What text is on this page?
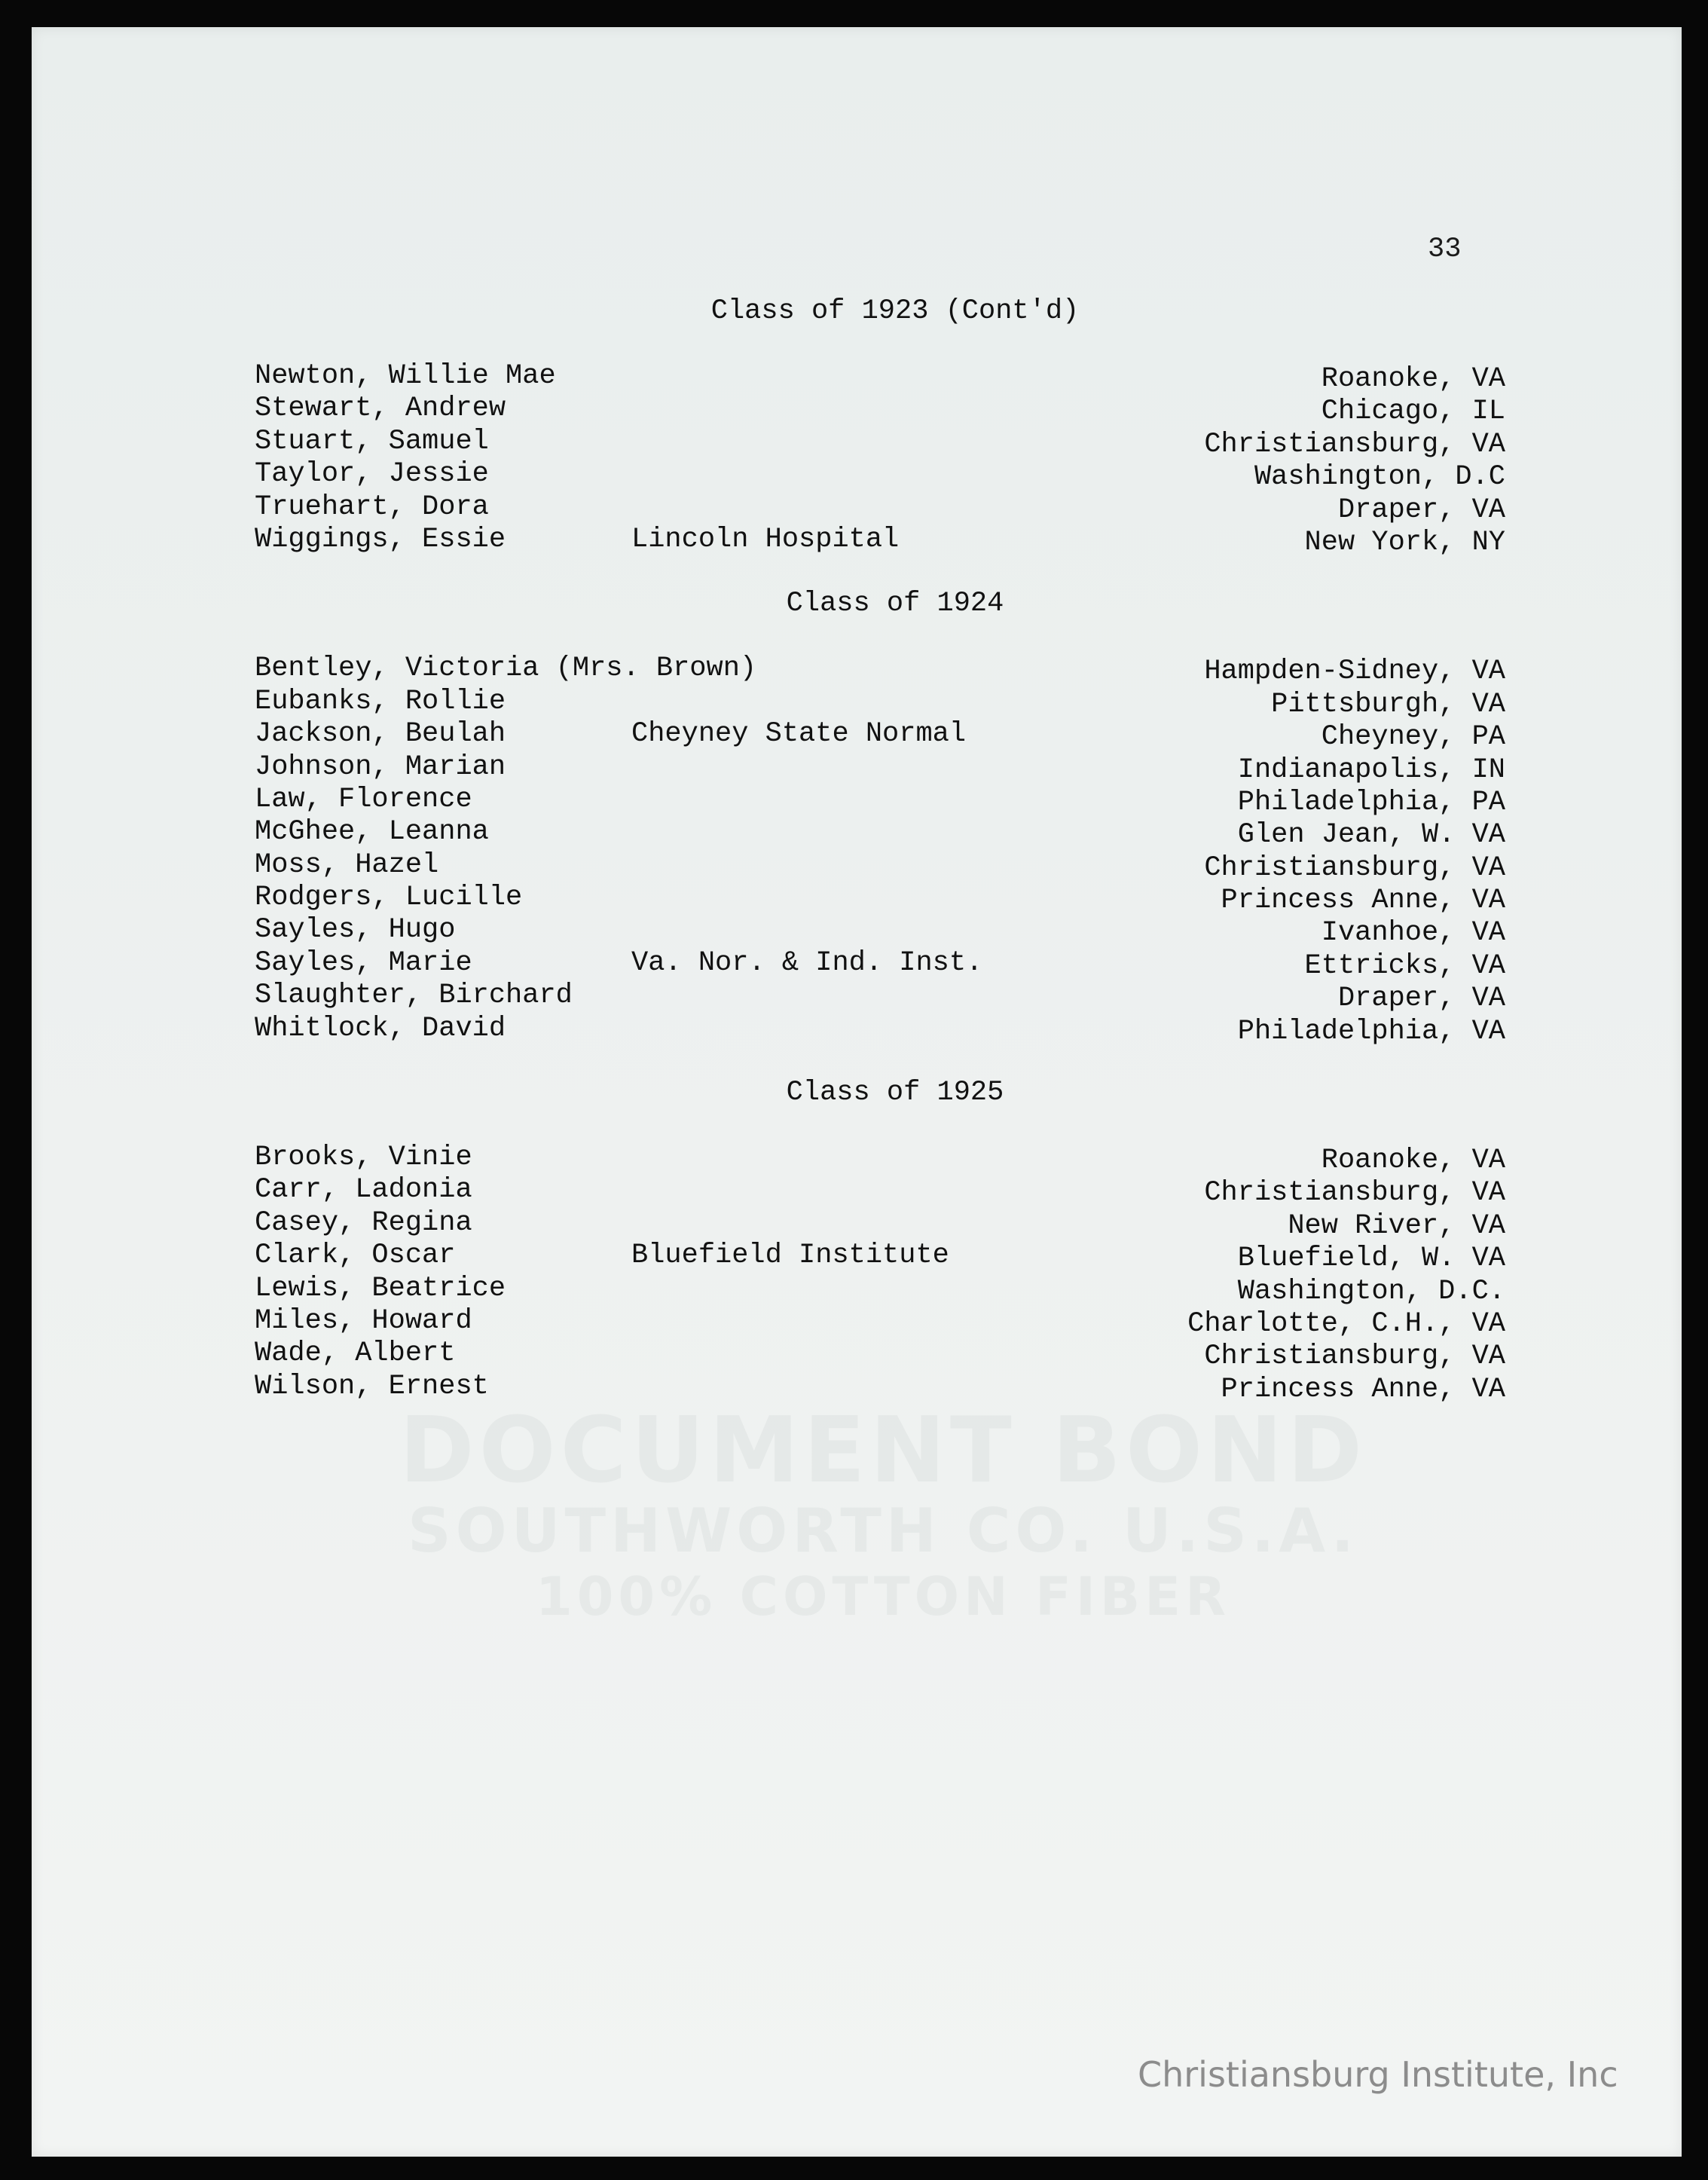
DOCUMENT BOND
SOUTHWORTH CO. U.S.A.
100% COTTON FIBER
33
Class of 1923 (Cont'd)
Newton, Willie Mae	Roanoke, VA
Stewart, Andrew	Chicago, IL
Stuart, Samuel	Christiansburg, VA
Taylor, Jessie	Washington, D.C
Truehart, Dora	Draper, VA
Wiggings, Essie	Lincoln Hospital	New York, NY
Class of 1924
Bentley, Victoria (Mrs. Brown)	Hampden-Sidney, VA
Eubanks, Rollie	Pittsburgh, VA
Jackson, Beulah	Cheyney State Normal	Cheyney, PA
Johnson, Marian	Indianapolis, IN
Law, Florence	Philadelphia, PA
McGhee, Leanna	Glen Jean, W. VA
Moss, Hazel	Christiansburg, VA
Rodgers, Lucille	Princess Anne, VA
Sayles, Hugo	Ivanhoe, VA
Sayles, Marie	Va. Nor. & Ind. Inst.	Ettricks, VA
Slaughter, Birchard	Draper, VA
Whitlock, David	Philadelphia, VA
Class of 1925
Brooks, Vinie	Roanoke, VA
Carr, Ladonia	Christiansburg, VA
Casey, Regina	New River, VA
Clark, Oscar	Bluefield Institute	Bluefield, W. VA
Lewis, Beatrice	Washington, D.C.
Miles, Howard	Charlotte, C.H., VA
Wade, Albert	Christiansburg, VA
Wilson, Ernest	Princess Anne, VA
Christiansburg Institute, Inc
